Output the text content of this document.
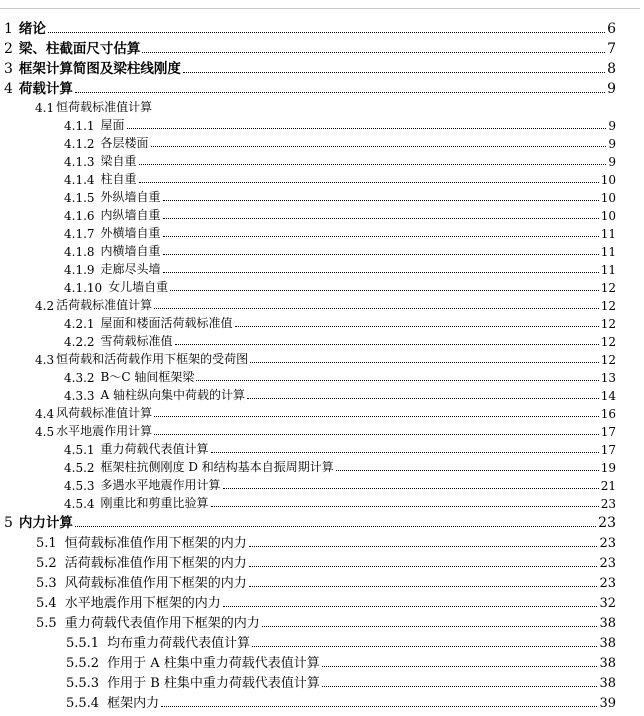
1 绪论	6
2 梁、柱截面尺寸估算	7
3 框架计算简图及梁柱线刚度	8
4 荷载计算	9
4.1 恒荷载标准值计算
4.1.1 屋面	9
4.1.2 各层楼面	9
4.1.3 梁自重	9
4.1.4 柱自重	10
4.1.5 外纵墙自重	10
4.1.6 内纵墙自重	10
4.1.7 外横墙自重	11
4.1.8 内横墙自重	11
4.1.9 走廊尽头墙	11
4.1.10 女儿墙自重	12
4.2 活荷载标准值计算	12
4.2.1 屋面和楼面活荷载标准值	12
4.2.2 雪荷载标准值	12
4.3 恒荷载和活荷载作用下框架的受荷图	12
4.3.2 B～C 轴间框架梁	13
4.3.3 A 轴柱纵向集中荷载的计算	14
4.4 风荷载标准值计算	16
4.5 水平地震作用计算	17
4.5.1 重力荷载代表值计算	17
4.5.2 框架柱抗侧刚度 D 和结构基本自振周期计算	19
4.5.3 多遇水平地震作用计算	21
4.5.4 刚重比和剪重比验算	23
5 内力计算	23
5.1 恒荷载标准值作用下框架的内力	23
5.2 活荷载标准值作用下框架的内力	23
5.3 风荷载标准值作用下框架的内力	23
5.4 水平地震作用下框架的内力	32
5.5 重力荷载代表值作用下框架的内力	38
5.5.1 均布重力荷载代表值计算	38
5.5.2 作用于 A 柱集中重力荷载代表值计算	38
5.5.3 作用于 B 柱集中重力荷载代表值计算	38
5.5.4 框架内力	39
